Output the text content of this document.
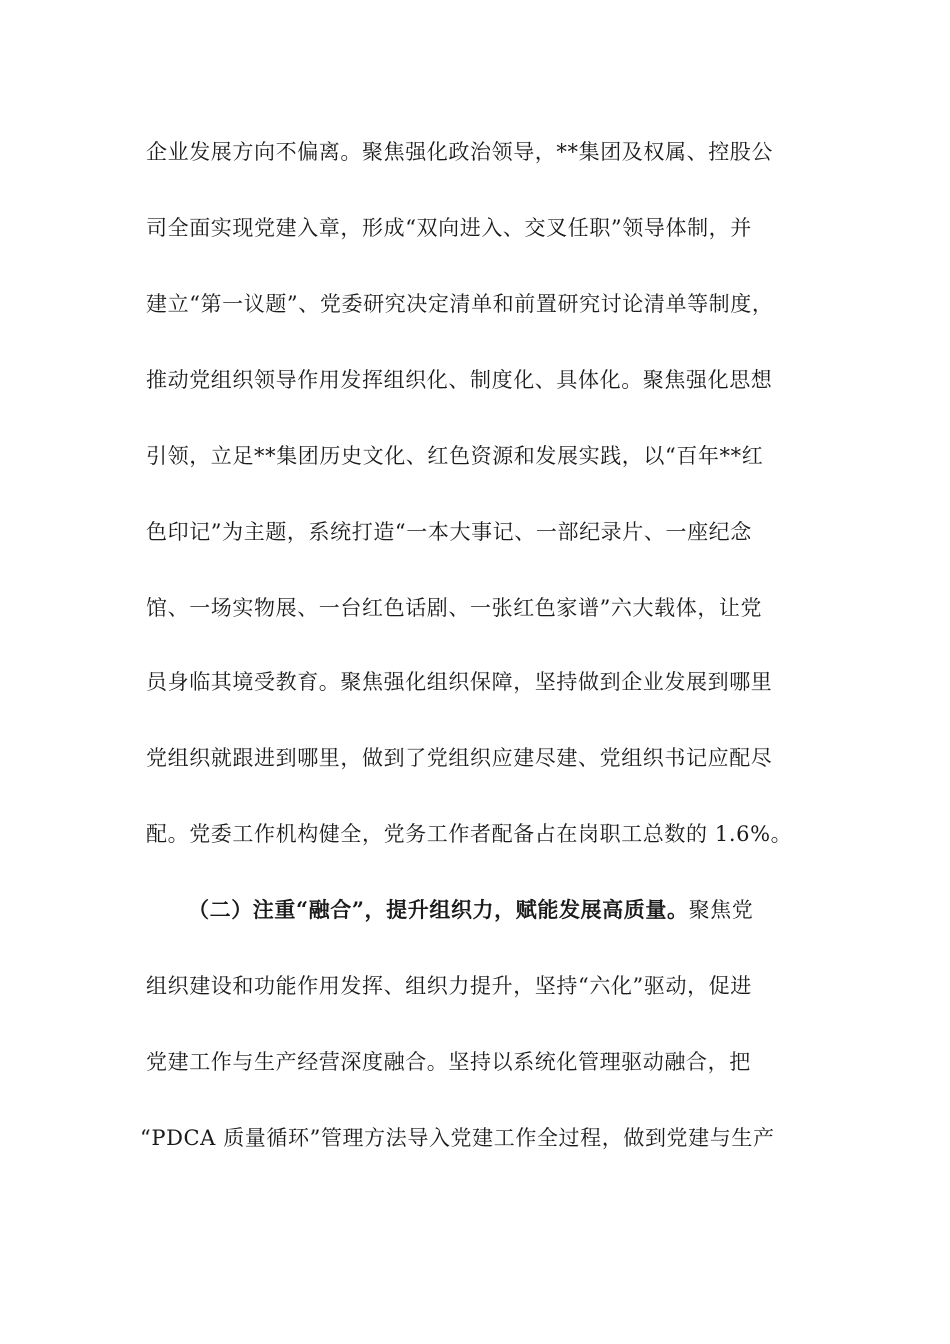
企业发展方向不偏离。聚焦强化政治领导，**集团及权属、控股公
司全面实现党建入章，形成“双向进入、交叉任职”领导体制，并
建立“第一议题”、党委研究决定清单和前置研究讨论清单等制度，
推动党组织领导作用发挥组织化、制度化、具体化。聚焦强化思想
引领，立足**集团历史文化、红色资源和发展实践，以“百年**红
色印记”为主题，系统打造“一本大事记、一部纪录片、一座纪念
馆、一场实物展、一台红色话剧、一张红色家谱”六大载体，让党
员身临其境受教育。聚焦强化组织保障，坚持做到企业发展到哪里
党组织就跟进到哪里，做到了党组织应建尽建、党组织书记应配尽
配。党委工作机构健全，党务工作者配备占在岗职工总数的 1.6%。
（二）注重“融合”，提升组织力，赋能发展高质量。聚焦党
组织建设和功能作用发挥、组织力提升，坚持“六化”驱动，促进
党建工作与生产经营深度融合。坚持以系统化管理驱动融合，把
“PDCA 质量循环”管理方法导入党建工作全过程，做到党建与生产
